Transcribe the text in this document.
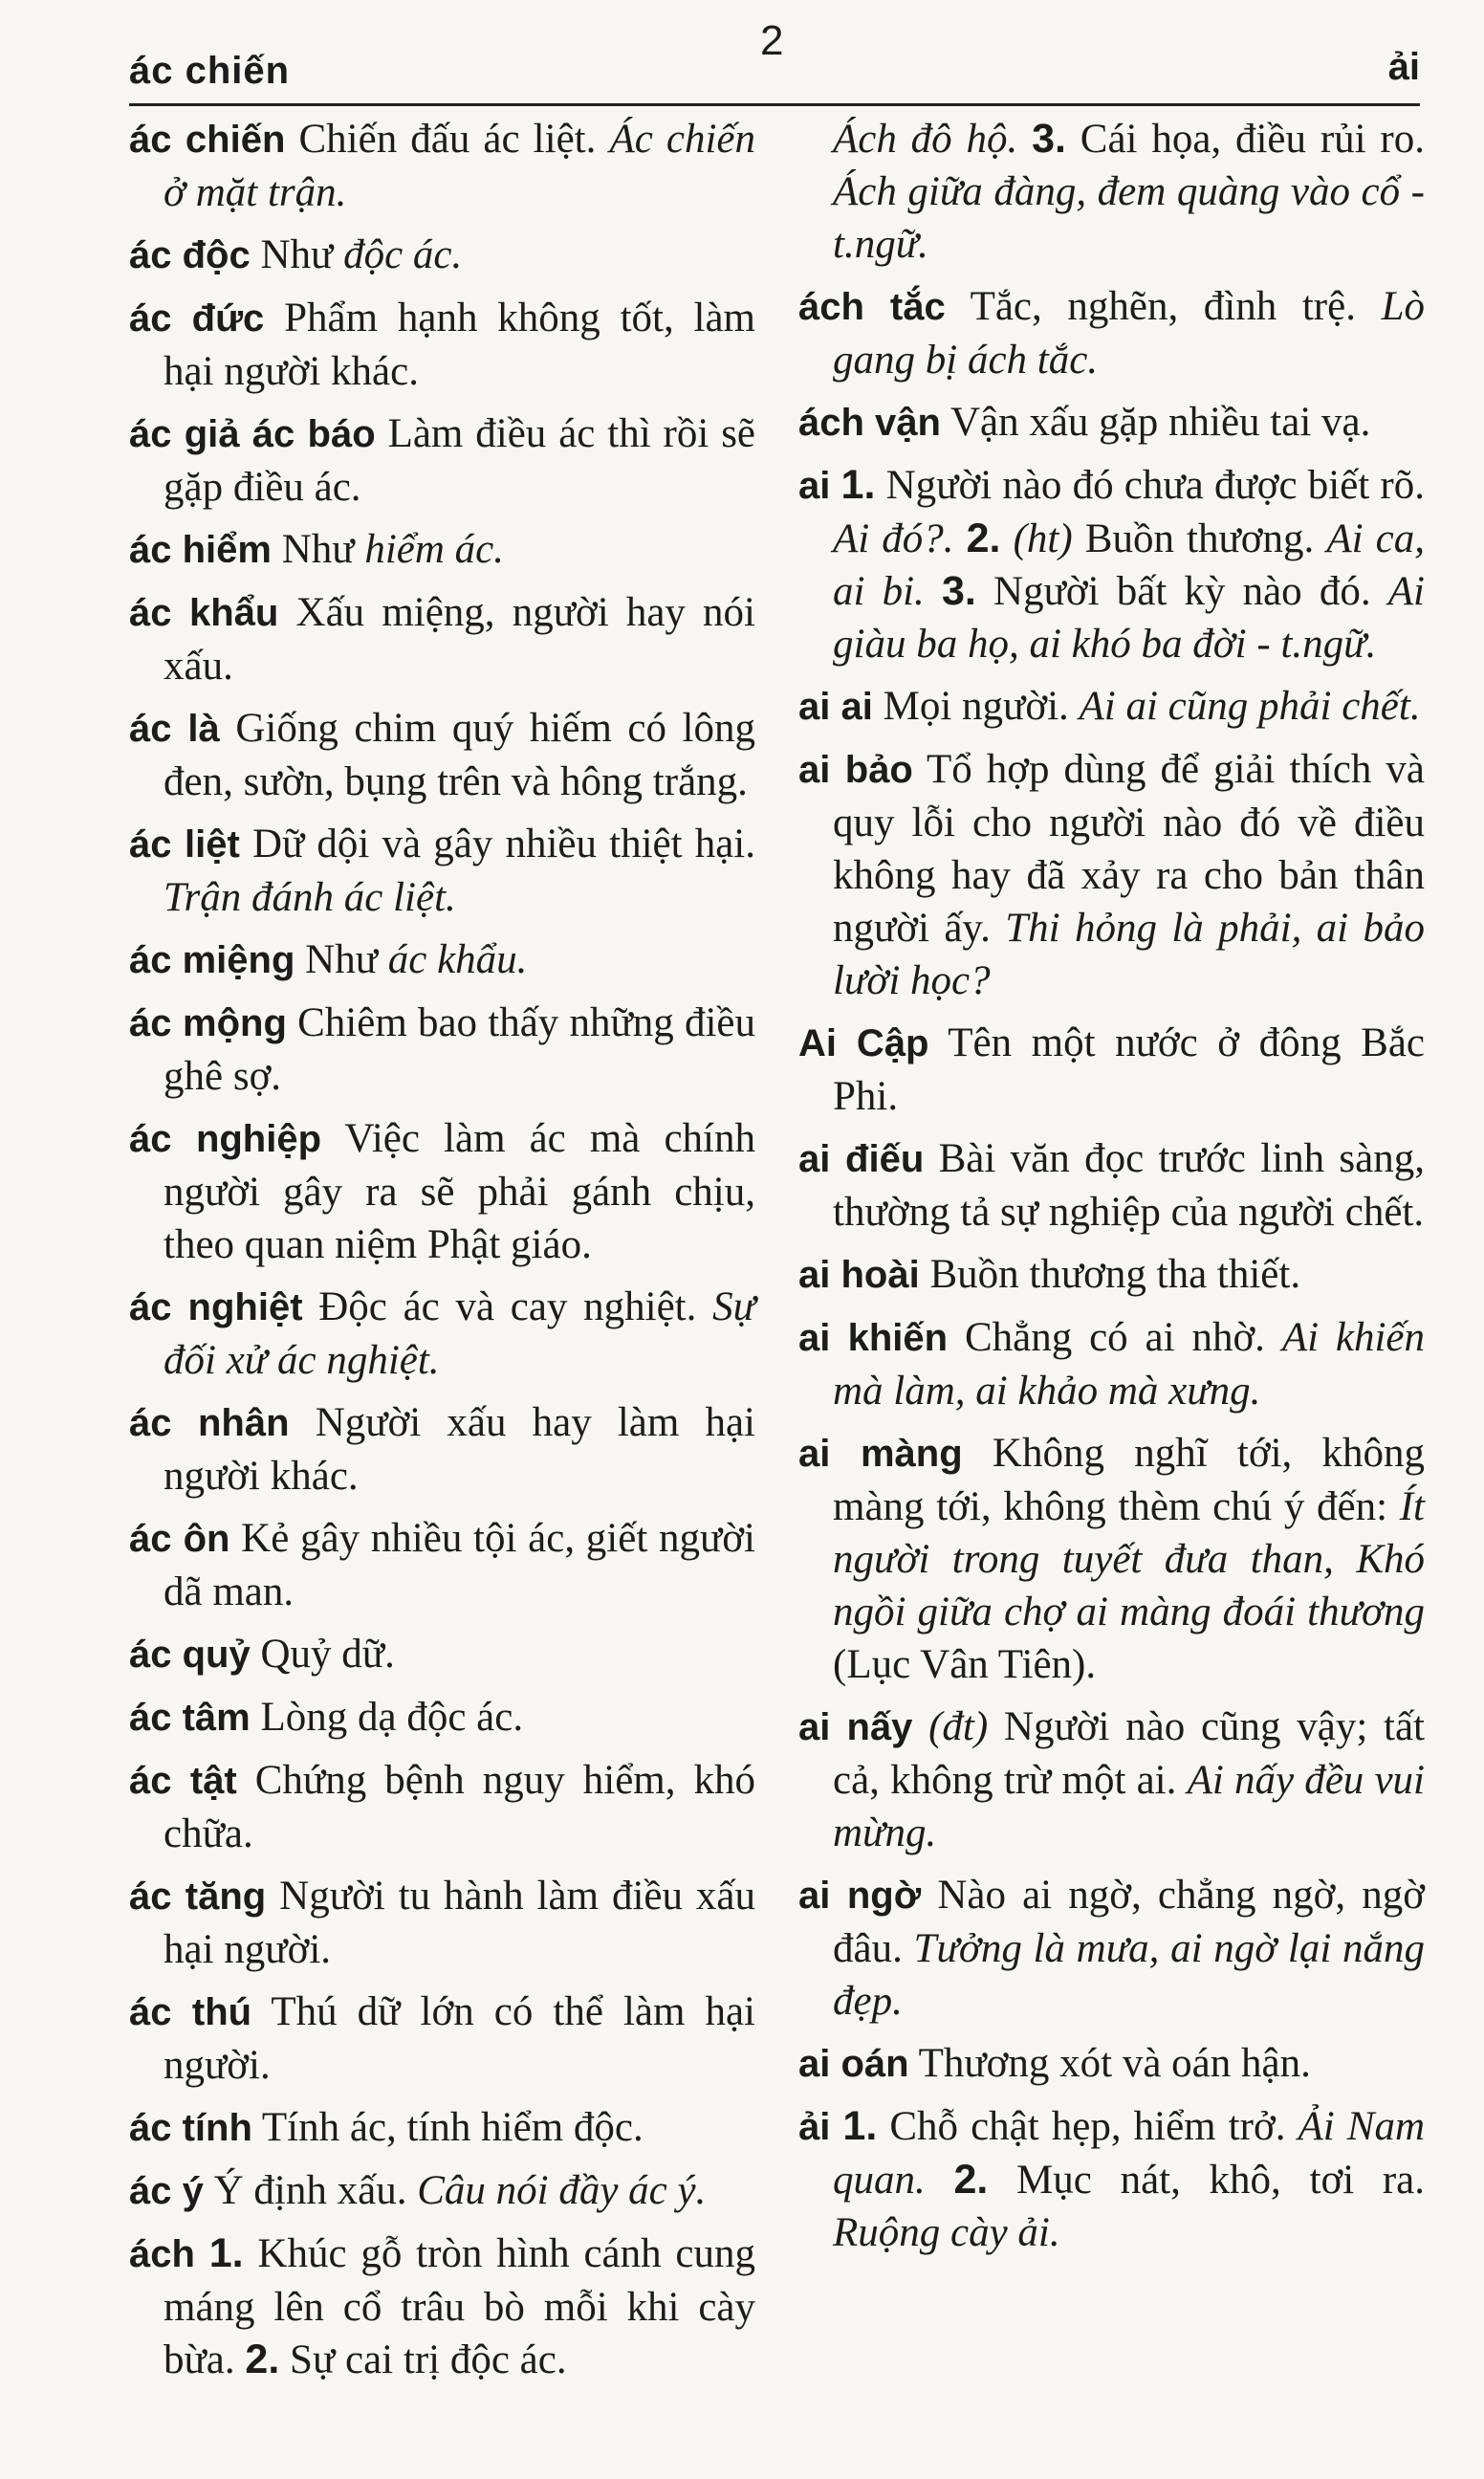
ác chiến
2
ải

ác chiến Chiến đấu ác liệt. Ác chiến ở mặt trận.

ác độc Như độc ác.

ác đức Phẩm hạnh không tốt, làm hại người khác.

ác giả ác báo Làm điều ác thì rồi sẽ gặp điều ác.

ác hiểm Như hiểm ác.

ác khẩu Xấu miệng, người hay nói xấu.

ác là Giống chim quý hiếm có lông đen, sườn, bụng trên và hông trắng.

ác liệt Dữ dội và gây nhiều thiệt hại. Trận đánh ác liệt.

ác miệng Như ác khẩu.

ác mộng Chiêm bao thấy những điều ghê sợ.

ác nghiệp Việc làm ác mà chính người gây ra sẽ phải gánh chịu, theo quan niệm Phật giáo.

ác nghiệt Độc ác và cay nghiệt. Sự đối xử ác nghiệt.

ác nhân Người xấu hay làm hại người khác.

ác ôn Kẻ gây nhiều tội ác, giết người dã man.

ác quỷ Quỷ dữ.

ác tâm Lòng dạ độc ác.

ác tật Chứng bệnh nguy hiểm, khó chữa.

ác tăng Người tu hành làm điều xấu hại người.

ác thú Thú dữ lớn có thể làm hại người.

ác tính Tính ác, tính hiểm độc.

ác ý Ý định xấu. Câu nói đầy ác ý.

ách 1. Khúc gỗ tròn hình cánh cung máng lên cổ trâu bò mỗi khi cày bừa. 2. Sự cai trị độc ác.

Ách đô hộ. 3. Cái họa, điều rủi ro. Ách giữa đàng, đem quàng vào cổ - t.ngữ.

ách tắc Tắc, nghẽn, đình trệ. Lò gang bị ách tắc.

ách vận Vận xấu gặp nhiều tai vạ.

ai 1. Người nào đó chưa được biết rõ. Ai đó?. 2. (ht) Buồn thương. Ai ca, ai bi. 3. Người bất kỳ nào đó. Ai giàu ba họ, ai khó ba đời - t.ngữ.

ai ai Mọi người. Ai ai cũng phải chết.

ai bảo Tổ hợp dùng để giải thích và quy lỗi cho người nào đó về điều không hay đã xảy ra cho bản thân người ấy. Thi hỏng là phải, ai bảo lười học?

Ai Cập Tên một nước ở đông Bắc Phi.

ai điếu Bài văn đọc trước linh sàng, thường tả sự nghiệp của người chết.

ai hoài Buồn thương tha thiết.

ai khiến Chẳng có ai nhờ. Ai khiến mà làm, ai khảo mà xưng.

ai màng Không nghĩ tới, không màng tới, không thèm chú ý đến: Ít người trong tuyết đưa than, Khó ngồi giữa chợ ai màng đoái thương (Lục Vân Tiên).

ai nấy (đt) Người nào cũng vậy; tất cả, không trừ một ai. Ai nấy đều vui mừng.

ai ngờ Nào ai ngờ, chẳng ngờ, ngờ đâu. Tưởng là mưa, ai ngờ lại nắng đẹp.

ai oán Thương xót và oán hận.

ải 1. Chỗ chật hẹp, hiểm trở. Ải Nam quan. 2. Mục nát, khô, tơi ra. Ruộng cày ải.
